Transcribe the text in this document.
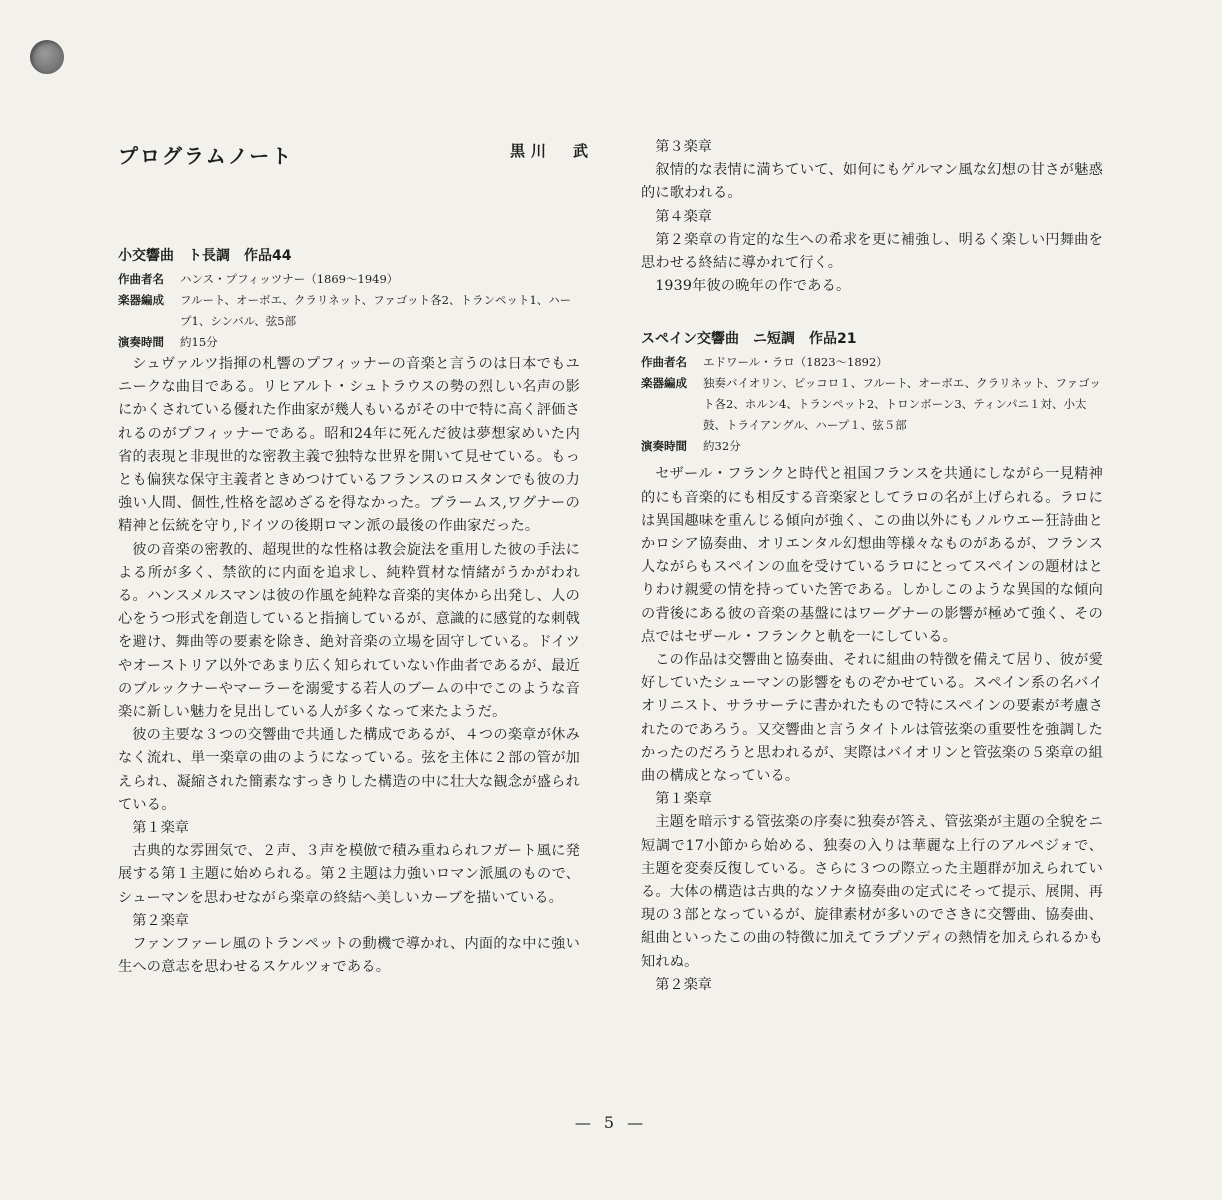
黒川　武
プログラムノート
小交響曲　ト長調　作品44
作曲者名	ハンス・プフィッツナー（1869～1949）
楽器編成	フルート、オーボエ、クラリネット、ファゴット各2、トランペット1、ハープ1、シンバル、弦5部
演奏時間	約15分

シュヴァルツ指揮の札響のプフィッナーの音楽と言うのは日本でもユニークな曲目である。リヒアルト・シュトラウスの勢の烈しい名声の影にかくされている優れた作曲家が幾人もいるがその中で特に高く評価されるのがプフィッナーである。昭和24年に死んだ彼は夢想家めいた内省的表現と非現世的な密教主義で独特な世界を開いて見せている。もっとも偏狭な保守主義者ときめつけているフランスのロスタンでも彼の力強い人間、個性,性格を認めざるを得なかった。ブラームス,ワグナーの精神と伝統を守り,ドイツの後期ロマン派の最後の作曲家だった。

彼の音楽の密教的、超現世的な性格は教会旋法を重用した彼の手法による所が多く、禁欲的に内面を追求し、純粋質材な情緒がうかがわれる。ハンスメルスマンは彼の作風を純粋な音楽的実体から出発し、人の心をうつ形式を創造していると指摘しているが、意識的に感覚的な刺戟を避け、舞曲等の要素を除き、絶対音楽の立場を固守している。ドイツやオーストリア以外であまり広く知られていない作曲者であるが、最近のブルックナーやマーラーを溺愛する若人のブームの中でこのような音楽に新しい魅力を見出している人が多くなって来たようだ。

彼の主要な３つの交響曲で共通した構成であるが、４つの楽章が休みなく流れ、単一楽章の曲のようになっている。弦を主体に２部の管が加えられ、凝縮された簡素なすっきりした構造の中に壮大な観念が盛られている。

第１楽章

古典的な雰囲気で、２声、３声を模倣で積み重ねられフガート風に発展する第１主題に始められる。第２主題は力強いロマン派風のもので、シューマンを思わせながら楽章の終結へ美しいカーブを描いている。

第２楽章

ファンファーレ風のトランペットの動機で導かれ、内面的な中に強い生への意志を思わせるスケルツォである。

第３楽章

叙情的な表情に満ちていて、如何にもゲルマン風な幻想の甘さが魅惑的に歌われる。

第４楽章

第２楽章の肯定的な生への希求を更に補強し、明るく楽しい円舞曲を思わせる終結に導かれて行く。

1939年彼の晩年の作である。

スペイン交響曲　ニ短調　作品21
作曲者名	エドワール・ラロ（1823～1892）
楽器編成	独奏バイオリン、ピッコロ１、フルート、オーボエ、クラリネット、ファゴット各2、ホルン4、トランペット2、トロンボーン3、ティンパニ１対、小太鼓、トライアングル、ハープ１、弦５部
演奏時間	約32分

セザール・フランクと時代と祖国フランスを共通にしながら一見精神的にも音楽的にも相反する音楽家としてラロの名が上げられる。ラロには異国趣味を重んじる傾向が強く、この曲以外にもノルウエー狂詩曲とかロシア協奏曲、オリエンタル幻想曲等様々なものがあるが、フランス人ながらもスペインの血を受けているラロにとってスペインの題材はとりわけ親愛の情を持っていた筈である。しかしこのような異国的な傾向の背後にある彼の音楽の基盤にはワーグナーの影響が極めて強く、その点ではセザール・フランクと軌を一にしている。

この作品は交響曲と協奏曲、それに組曲の特徴を備えて居り、彼が愛好していたシューマンの影響をものぞかせている。スペイン系の名バイオリニスト、サラサーテに書かれたもので特にスペインの要素が考慮されたのであろう。又交響曲と言うタイトルは管弦楽の重要性を強調したかったのだろうと思われるが、実際はバイオリンと管弦楽の５楽章の組曲の構成となっている。

第１楽章

主題を暗示する管弦楽の序奏に独奏が答え、管弦楽が主題の全貌をニ短調で17小節から始める、独奏の入りは華麗な上行のアルペジォで、主題を変奏反復している。さらに３つの際立った主題群が加えられている。大体の構造は古典的なソナタ協奏曲の定式にそって提示、展開、再現の３部となっているが、旋律素材が多いのでさきに交響曲、協奏曲、組曲といったこの曲の特徴に加えてラプソディの熱情を加えられるかも知れぬ。

第２楽章

— 5 —
